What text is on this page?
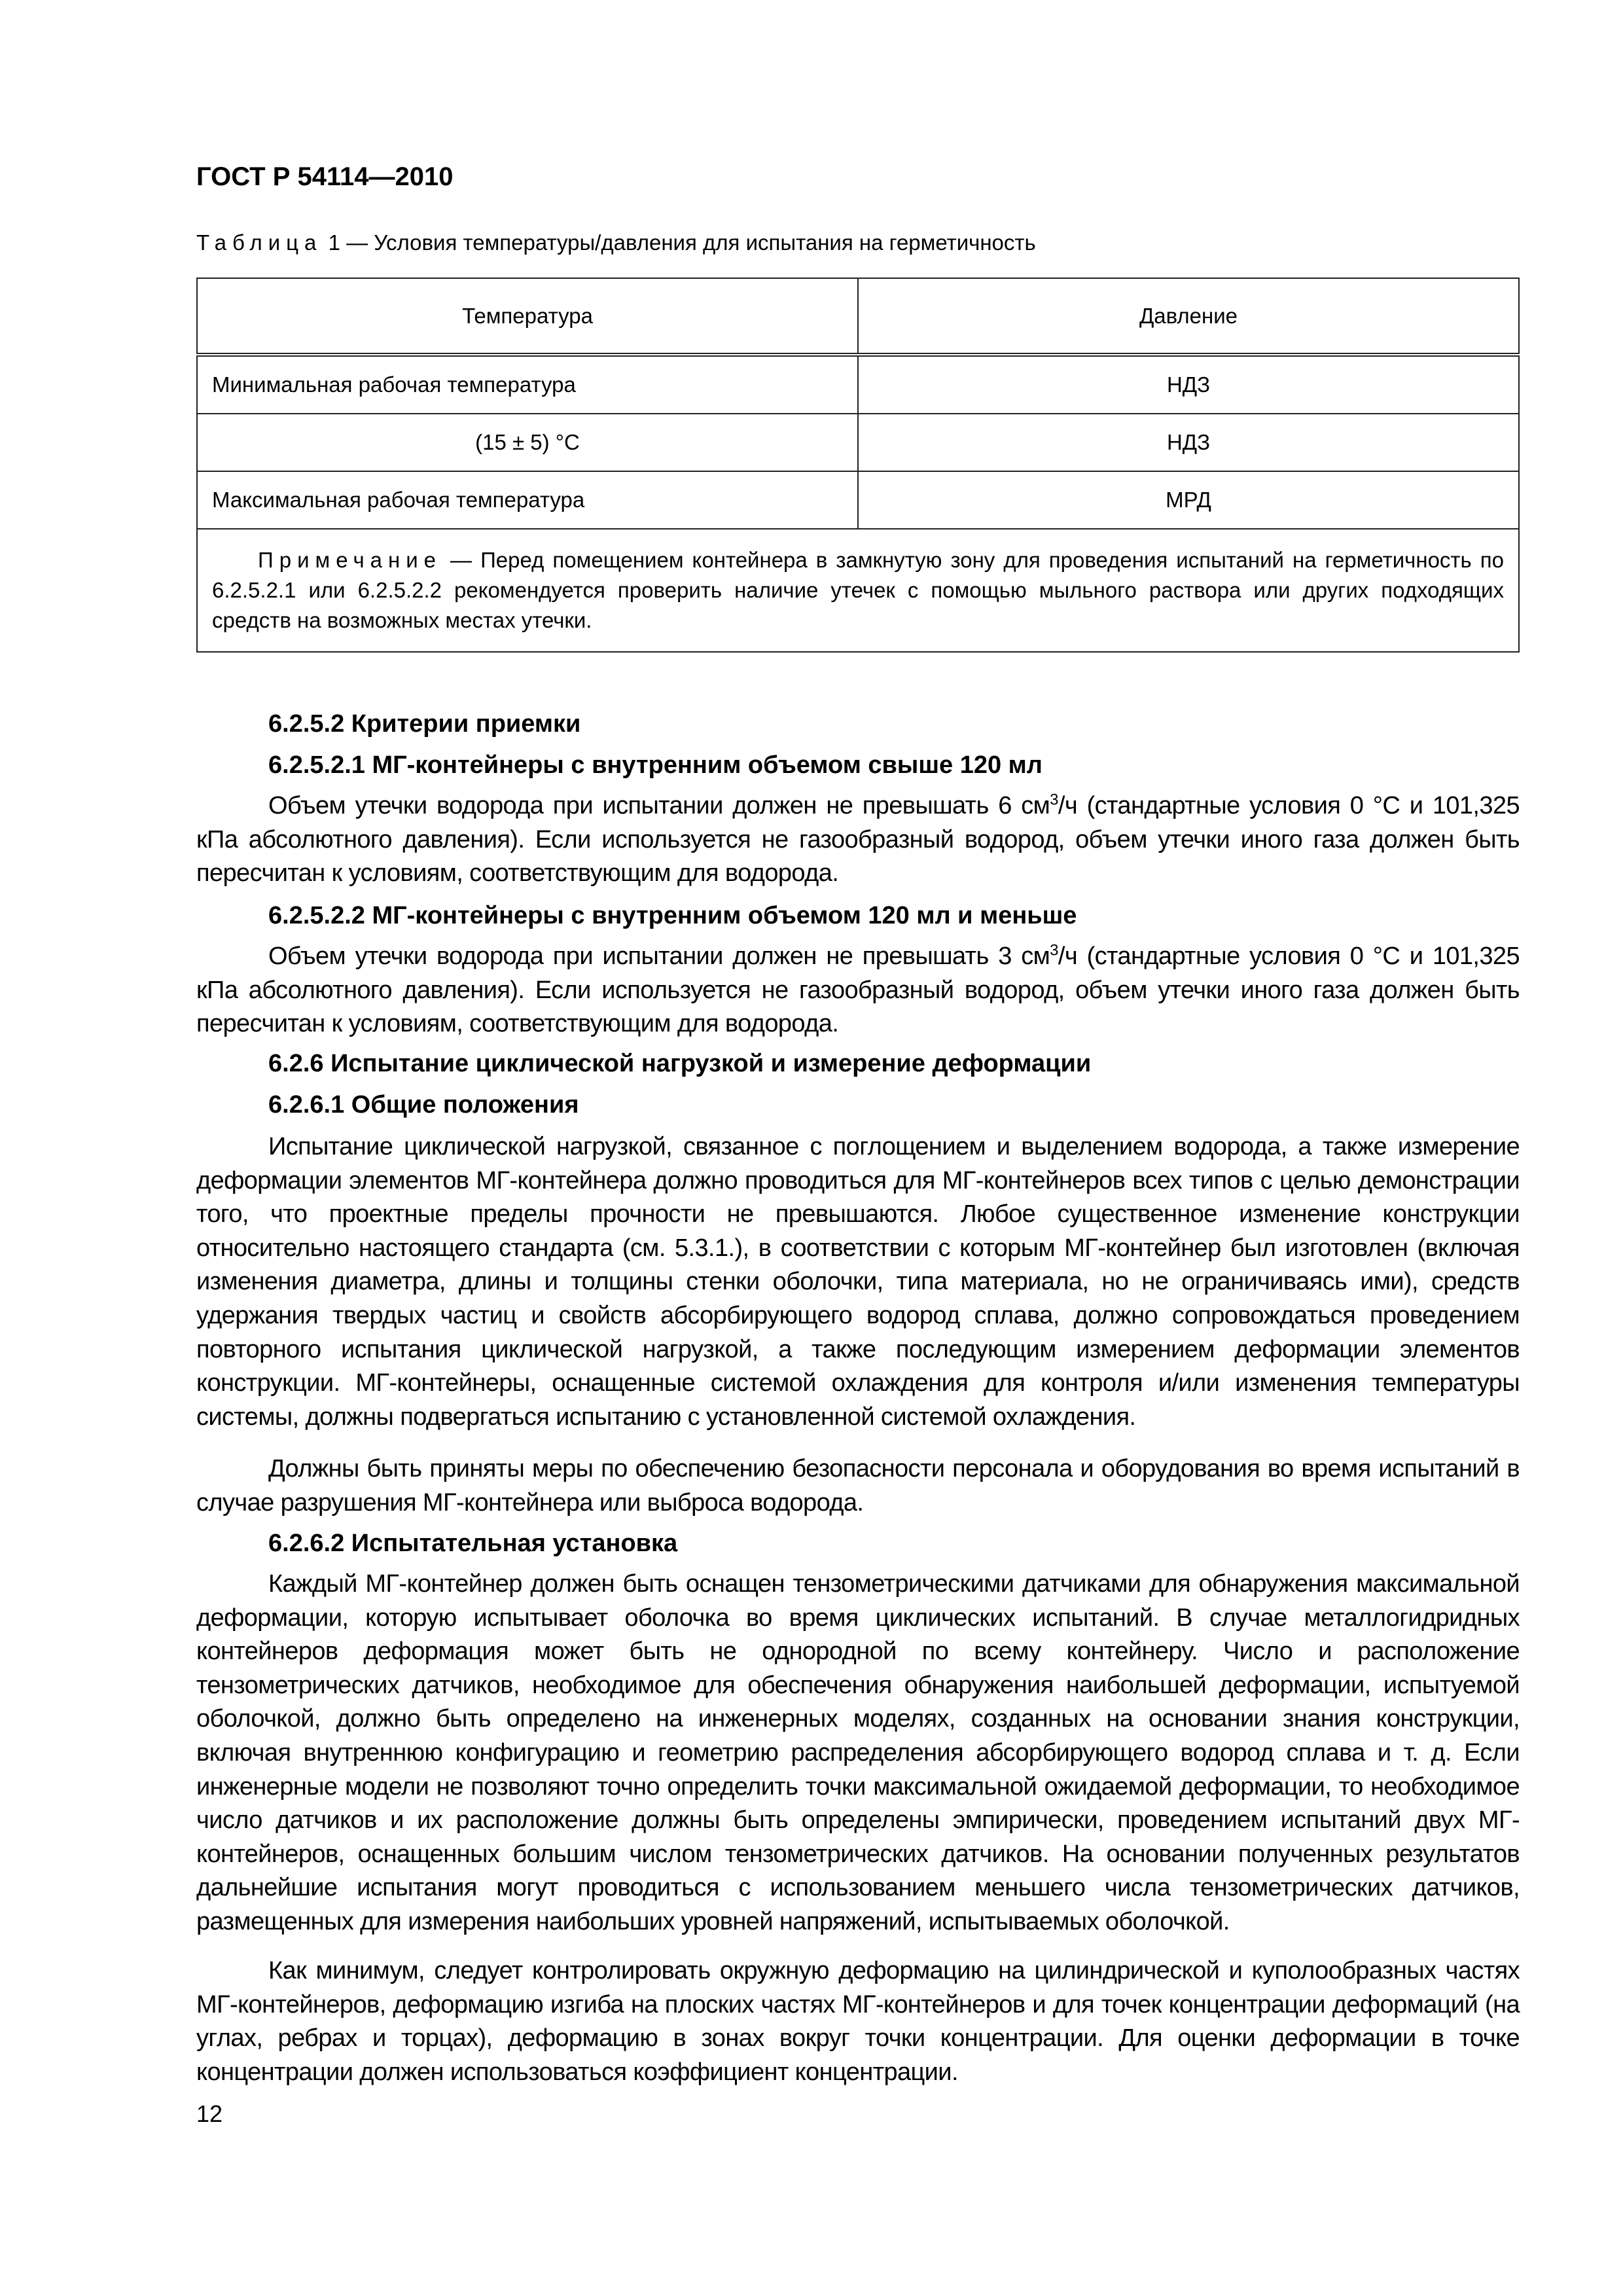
ГОСТ Р 54114—2010
Таблица 1 — Условия температуры/давления для испытания на герметичность
Температура	Давление
Минимальная рабочая температура	НДЗ
(15 ± 5) °C	НДЗ
Максимальная рабочая температура	МРД
Примечание — Перед помещением контейнера в замкнутую зону для проведения испытаний на герметичность по 6.2.5.2.1 или 6.2.5.2.2 рекомендуется проверить наличие утечек с помощью мыльного раствора или других подходящих средств на возможных местах утечки.	
6.2.5.2 Критерии приемки
6.2.5.2.1 МГ-контейнеры с внутренним объемом свыше 120 мл
Объем утечки водорода при испытании должен не превышать 6 $см^3/ч$ (стандартные условия 0 °C и 101,325 кПа абсолютного давления). Если используется не газообразный водород, объем утечки иного газа должен быть пересчитан к условиям, соответствующим для водорода.
6.2.5.2.2 МГ-контейнеры с внутренним объемом 120 мл и меньше
Объем утечки водорода при испытании должен не превышать 3 $см^3/ч$ (стандартные условия 0 °C и 101,325 кПа абсолютного давления). Если используется не газообразный водород, объем утечки иного газа должен быть пересчитан к условиям, соответствующим для водорода.
6.2.6 Испытание циклической нагрузкой и измерение деформации
6.2.6.1 Общие положения
Испытание циклической нагрузкой, связанное с поглощением и выделением водорода, а также измерение деформации элементов МГ-контейнера должно проводиться для МГ-контейнеров всех типов с целью демонстрации того, что проектные пределы прочности не превышаются. Любое существенное изменение конструкции относительно настоящего стандарта (см. 5.3.1.), в соответствии с которым МГ-контейнер был изготовлен (включая изменения диаметра, длины и толщины стенки оболочки, типа материала, но не ограничиваясь ими), средств удержания твердых частиц и свойств абсорбирующего водород сплава, должно сопровождаться проведением повторного испытания циклической нагрузкой, а также последующим измерением деформации элементов конструкции. МГ-контейнеры, оснащенные системой охлаждения для контроля и/или изменения температуры системы, должны подвергаться испытанию с установленной системой охлаждения.
Должны быть приняты меры по обеспечению безопасности персонала и оборудования во время испытаний в случае разрушения МГ-контейнера или выброса водорода.
6.2.6.2 Испытательная установка
Каждый МГ-контейнер должен быть оснащен тензометрическими датчиками для обнаружения максимальной деформации, которую испытывает оболочка во время циклических испытаний. В случае металлогидридных контейнеров деформация может быть не однородной по всему контейнеру. Число и расположение тензометрических датчиков, необходимое для обеспечения обнаружения наибольшей деформации, испытуемой оболочкой, должно быть определено на инженерных моделях, созданных на основании знания конструкции, включая внутреннюю конфигурацию и геометрию распределения абсорбирующего водород сплава и т. д. Если инженерные модели не позволяют точно определить точки максимальной ожидаемой деформации, то необходимое число датчиков и их расположение должны быть определены эмпирически, проведением испытаний двух МГ-контейнеров, оснащенных большим числом тензометрических датчиков. На основании полученных результатов дальнейшие испытания могут проводиться с использованием меньшего числа тензометрических датчиков, размещенных для измерения наибольших уровней напряжений, испытываемых оболочкой.
Как минимум, следует контролировать окружную деформацию на цилиндрической и куполообразных частях МГ-контейнеров, деформацию изгиба на плоских частях МГ-контейнеров и для точек концентрации деформаций (на углах, ребрах и торцах), деформацию в зонах вокруг точки концентрации. Для оценки деформации в точке концентрации должен использоваться коэффициент концентрации.
12
